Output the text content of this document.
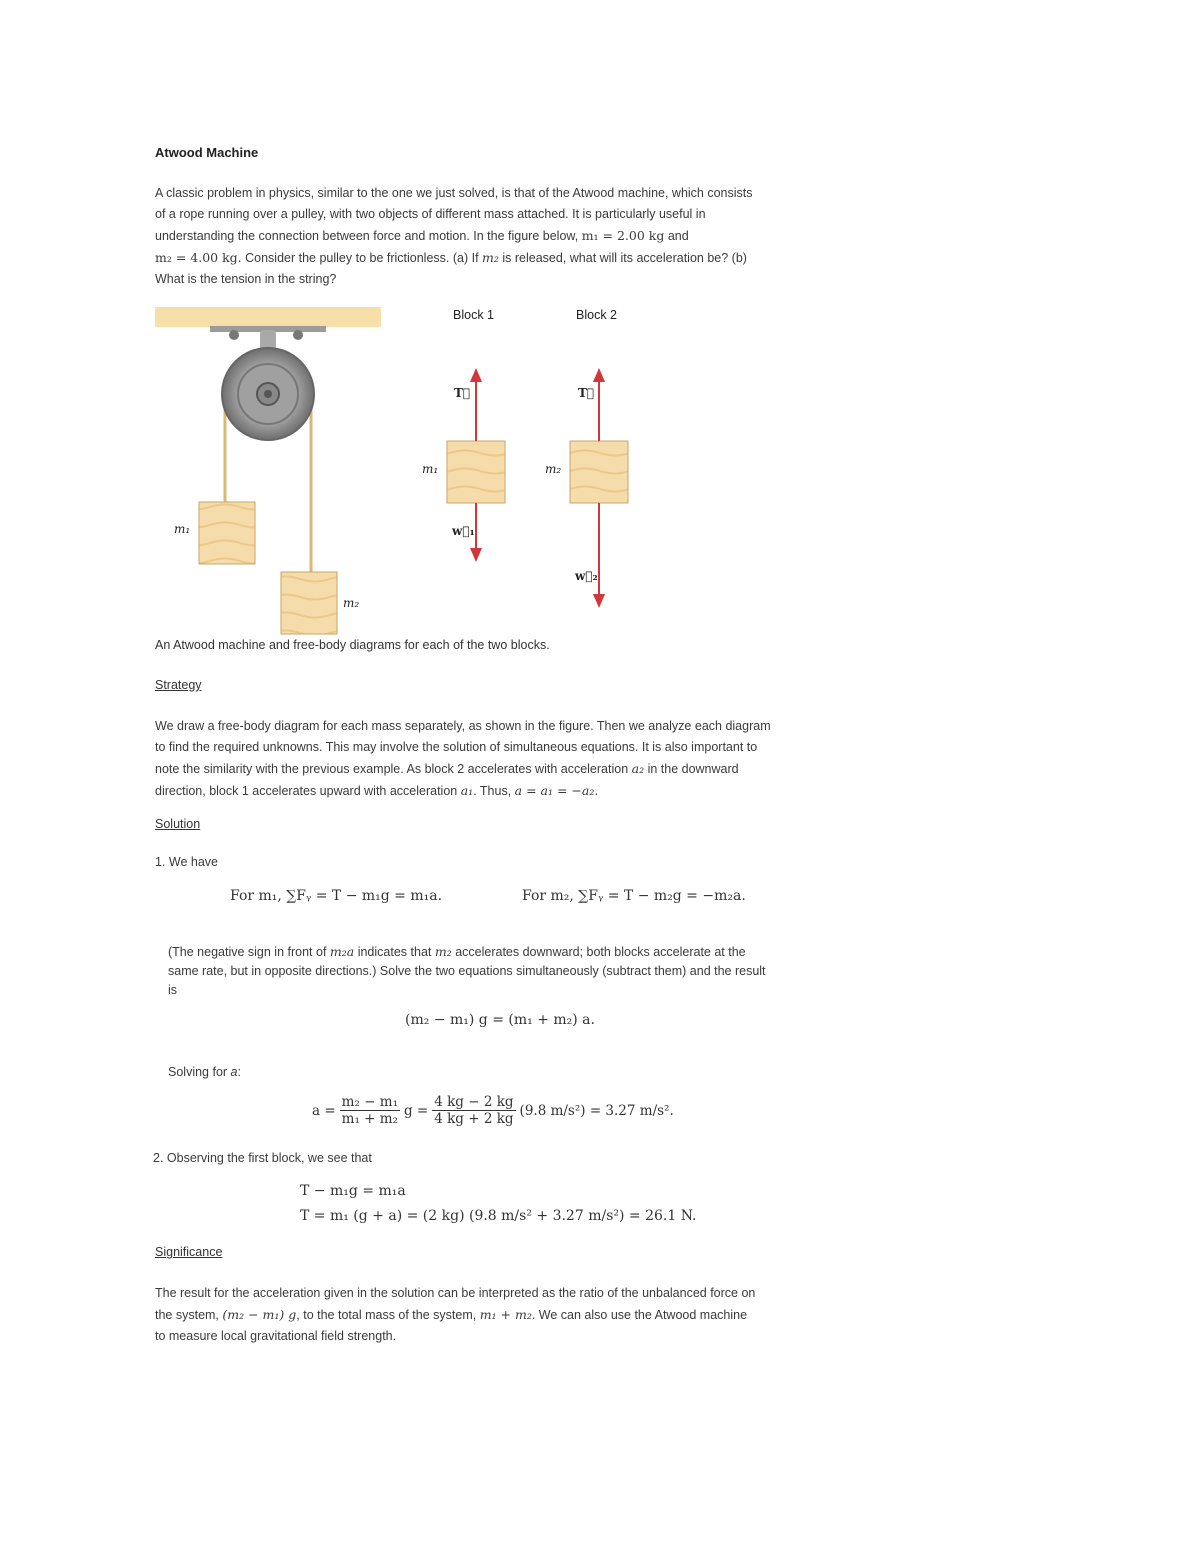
Atwood Machine
A classic problem in physics, similar to the one we just solved, is that of the Atwood machine, which consists
of a rope running over a pulley, with two objects of different mass attached. It is particularly useful in
understanding the connection between force and motion. In the figure below, m₁ = 2.00 kg and
m₂ = 4.00 kg. Consider the pulley to be frictionless. (a) If m₂ is released, what will its acceleration be? (b)
What is the tension in the string?
Block 1	Block 2
m₁
m₂
m₁	m₂
T⃗	T⃗
w⃗₁
w⃗₂
An Atwood machine and free-body diagrams for each of the two blocks.
Strategy
We draw a free-body diagram for each mass separately, as shown in the figure. Then we analyze each diagram
to find the required unknowns. This may involve the solution of simultaneous equations. It is also important to
note the similarity with the previous example. As block 2 accelerates with acceleration a₂ in the downward
direction, block 1 accelerates upward with acceleration a₁. Thus, a = a₁ = −a₂.
Solution
1. We have
For m₁, ∑Fᵧ = T − m₁g = m₁a.	For m₂, ∑Fᵧ = T − m₂g = −m₂a.
(The negative sign in front of m₂a indicates that m₂ accelerates downward; both blocks accelerate at the
same rate, but in opposite directions.) Solve the two equations simultaneously (subtract them) and the result
is
(m₂ − m₁) g = (m₁ + m₂) a.
Solving for a:
$a = \frac{\text{m₂ − m₁}}{\text{m₁ + m₂}}$ $g = \frac{4 kg - 2 kg}{4 kg + 2 kg} (9.8$ m/s²) = 3.27 m/s².
2. Observing the first block, we see that
T − m₁g = m₁a
T = m₁ (g + a) = (2 kg) (9.8 m/s² + 3.27 m/s²) = 26.1 N.
Significance
The result for the acceleration given in the solution can be interpreted as the ratio of the unbalanced force on
the system, (m₂ − m₁) g, to the total mass of the system, m₁ + m₂. We can also use the Atwood machine
to measure local gravitational field strength.
